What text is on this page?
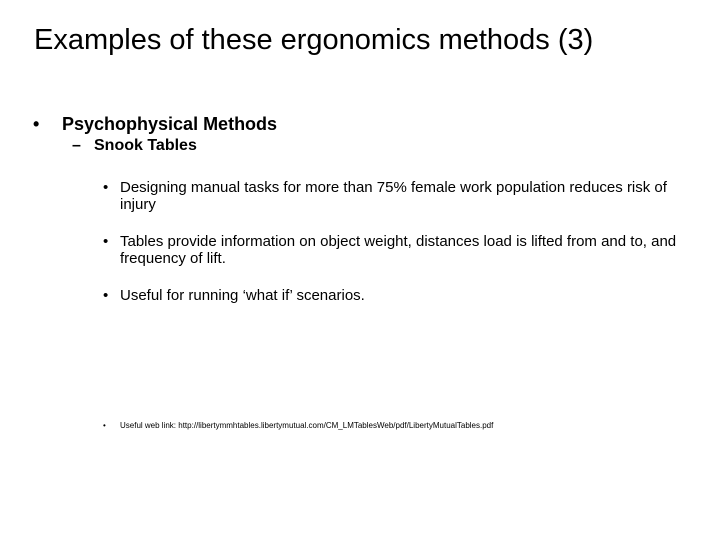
Examples of these ergonomics methods (3)
•	Psychophysical Methods
– Snook Tables
• Designing manual tasks for more than 75% female work population reduces risk of injury
• Tables provide information on object weight, distances load is lifted from and to, and frequency of lift.
• Useful for running ‘what if’ scenarios.
•	Useful web link: http://libertymmhtables.libertymutual.com/CM_LMTablesWeb/pdf/LibertyMutualTables.pdf
